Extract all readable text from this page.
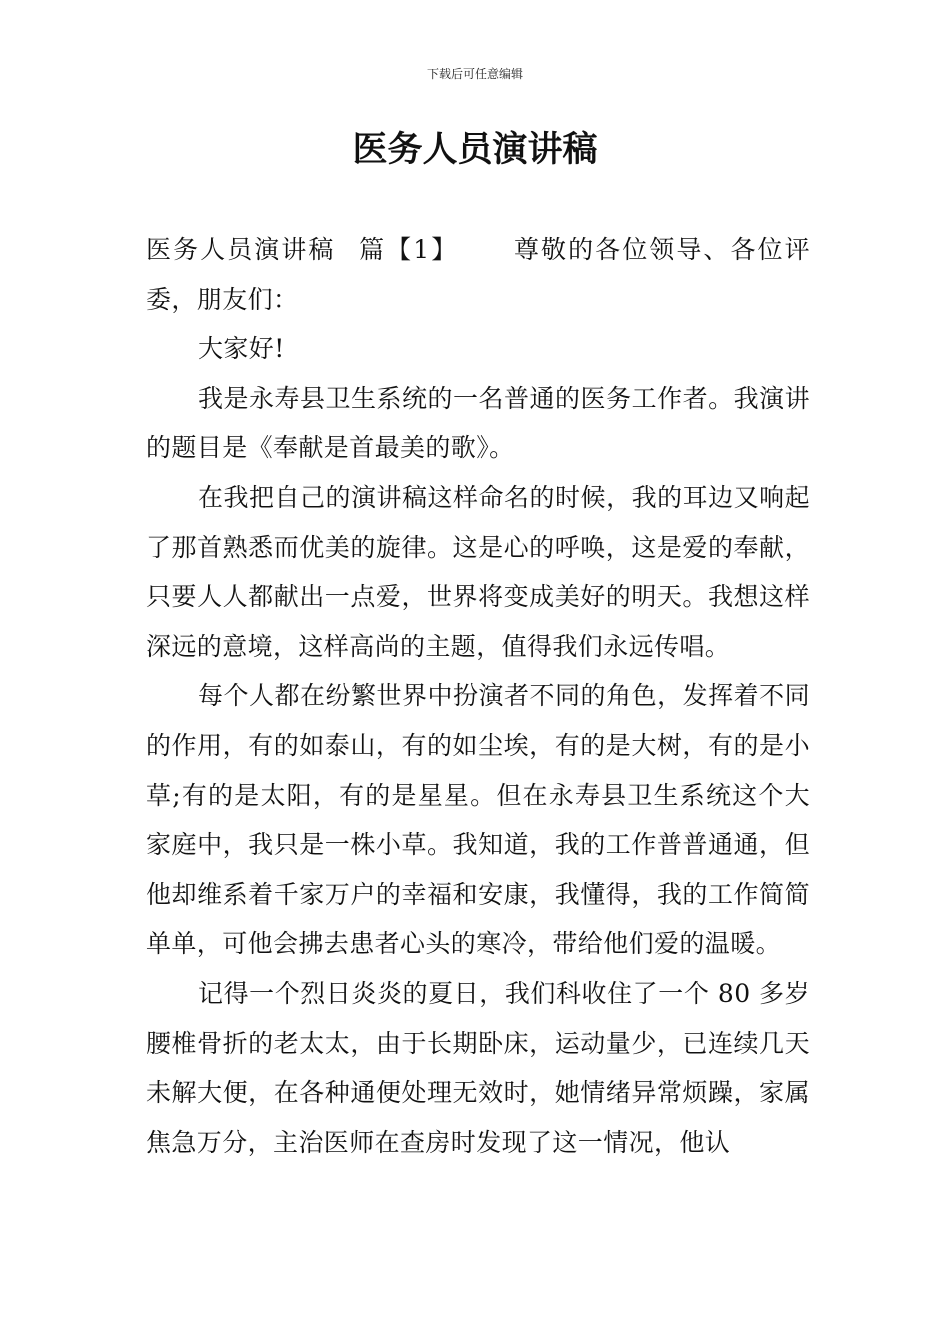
下载后可任意编辑
医务人员演讲稿

医务人员演讲稿 篇【1】 尊敬的各位领导、各位评委，朋友们：

大家好!

我是永寿县卫生系统的一名普通的医务工作者。我演讲的题目是《奉献是首最美的歌》。

在我把自己的演讲稿这样命名的时候，我的耳边又响起了那首熟悉而优美的旋律。这是心的呼唤，这是爱的奉献，只要人人都献出一点爱，世界将变成美好的明天。我想这样深远的意境，这样高尚的主题，值得我们永远传唱。

每个人都在纷繁世界中扮演者不同的角色，发挥着不同的作用，有的如泰山，有的如尘埃，有的是大树，有的是小草;有的是太阳，有的是星星。但在永寿县卫生系统这个大家庭中，我只是一株小草。我知道，我的工作普普通通，但他却维系着千家万户的幸福和安康，我懂得，我的工作简简单单，可他会拂去患者心头的寒冷，带给他们爱的温暖。

记得一个烈日炎炎的夏日，我们科收住了一个 80 多岁腰椎骨折的老太太，由于长期卧床，运动量少，已连续几天未解大便，在各种通便处理无效时，她情绪异常烦躁，家属焦急万分，主治医师在查房时发现了这一情况，他认
